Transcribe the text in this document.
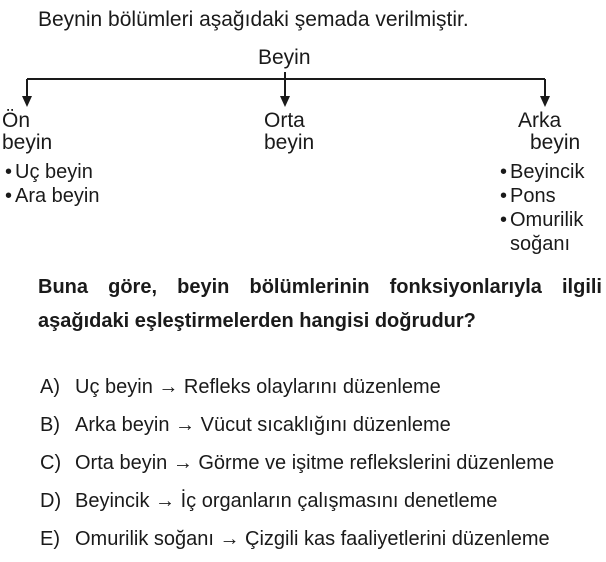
Beynin bölümleri aşağıdaki şemada verilmiştir.
Beyin
Ön
beyin
Orta
beyin
Arka
beyin
• Uç beyin
• Ara beyin
• Beyincik
• Pons
• Omurilik
soğanı
Buna göre, beyin bölümlerinin fonksiyonlarıyla ilgili
aşağıdaki eşleştirmelerden hangisi doğrudur?
A) Uç beyin → Refleks olaylarını düzenleme
B) Arka beyin → Vücut sıcaklığını düzenleme
C) Orta beyin → Görme ve işitme reflekslerini düzenleme
D) Beyincik → İç organların çalışmasını denetleme
E) Omurilik soğanı → Çizgili kas faaliyetlerini düzenleme
